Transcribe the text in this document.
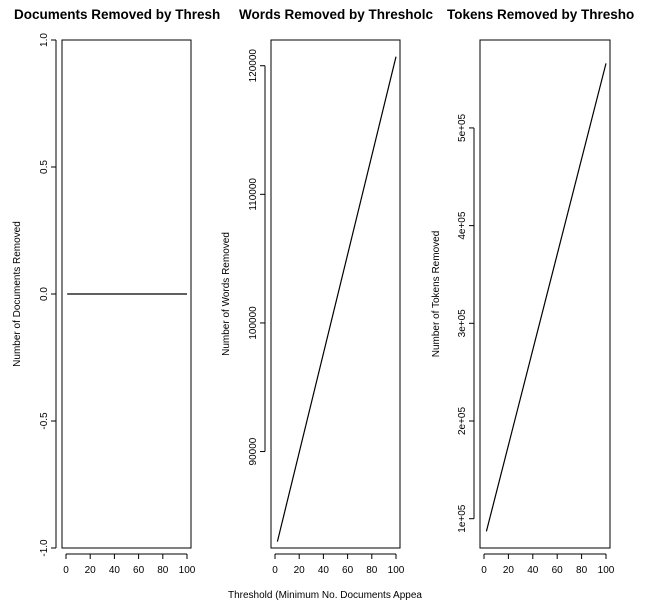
Threshold (Minimum No. Documents Appea
Documents Removed by Thresh
0 20 40 60 80 100
-1.0
-0.5
0.0
0.5
1.0
Number of Documents Removed
Words Removed by Thresholc
0 20 40 60 80 100
90000
100000
110000
120000
Number of Words Removed
Tokens Removed by Thresho
0 20 40 60 80 100
1e+05
2e+05
3e+05
4e+05
5e+05
Number of Tokens Removed
